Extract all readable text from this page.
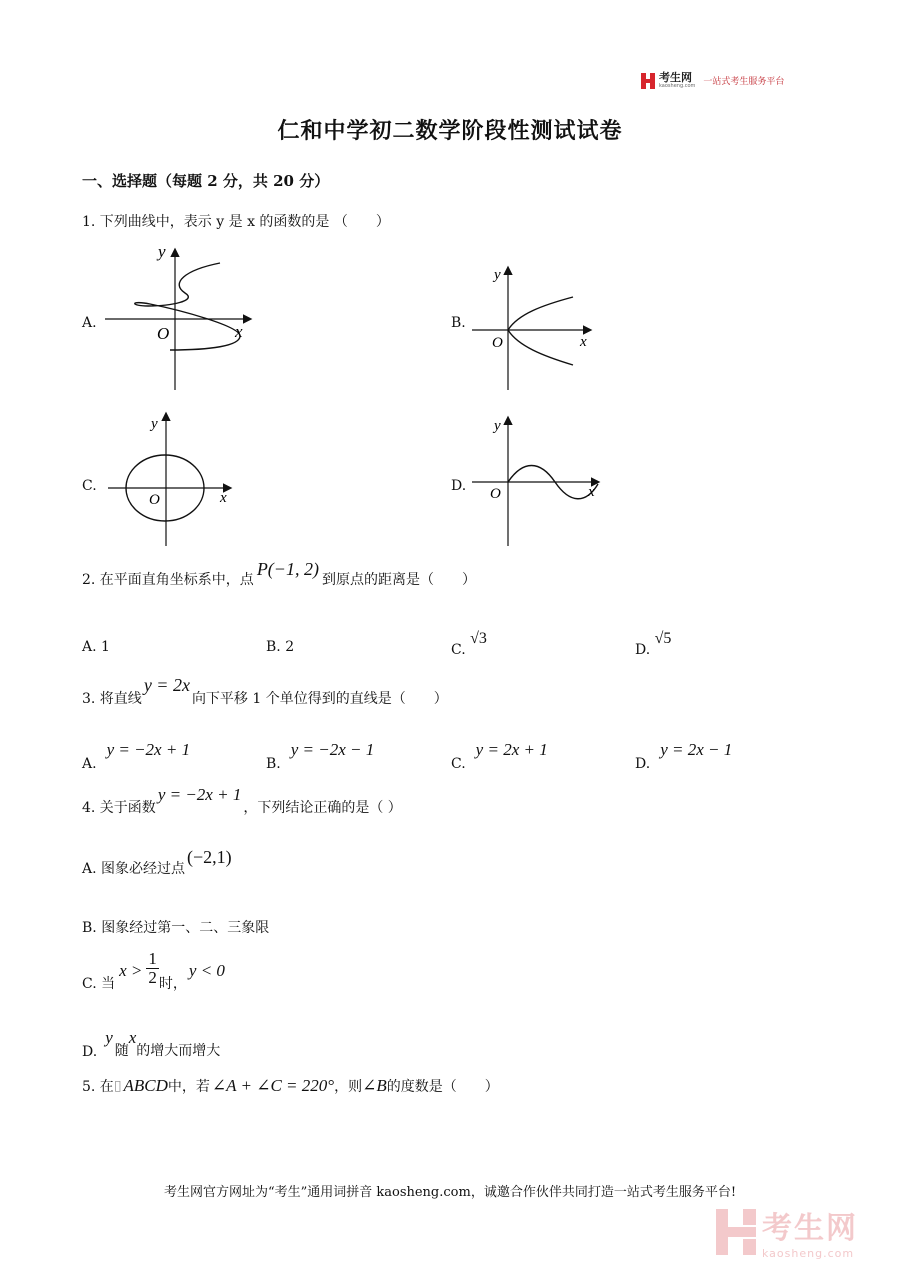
考生网
kaosheng.com 一站式考生服务平台
仁和中学初二数学阶段性测试试卷
一、选择题（每题 2 分，共 20 分）
1. 下列曲线中，表示 y 是 x 的函数的是 （　　）
A.
y
x
O
B.
y
x
O
C.
y
x
O
D.
y
x
O
2. 在平面直角坐标系中，点
P(−1, 2)
到原点的距离是（　　）
A. 1	B. 2	C.

√3
D.

√5
3. 将直线
y = 2x
向下平移 1 个单位得到的直线是（　　）
A.
y = −2x + 1
B.
y = −2x − 1
C.
y = 2x + 1
D.
y = 2x − 1
4. 关于函数
y = −2x + 1
，下列结论正确的是（ ）
A. 图象必经过点
(−2,1)
B. 图象经过第一、二、三象限
C. 当
$x > \frac{1}{2}$ 时，
y < 0
D.
y
随
x
的增大而增大
5. 在 ▯ ABCD 中，若 ∠A + ∠C = 220° ，则 ∠B 的度数是（　　）
考生网官方网址为“考生”通用词拼音 kaosheng.com，诚邀合作伙伴共同打造一站式考生服务平台!
考生网
kaosheng.com
